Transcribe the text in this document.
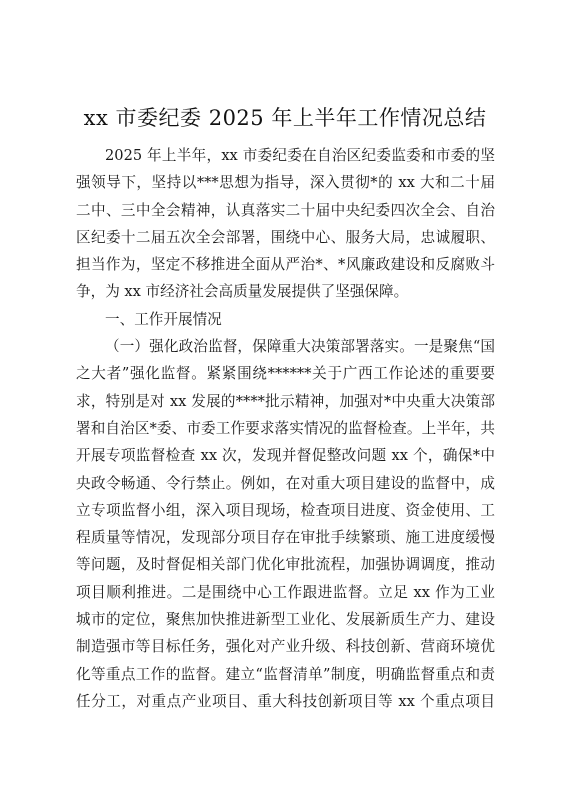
xx 市委纪委 2025 年上半年工作情况总结
2025 年上半年，xx 市委纪委在自治区纪委监委和市委的坚
强领导下，坚持以***思想为指导，深入贯彻*的 xx 大和二十届
二中、三中全会精神，认真落实二十届中央纪委四次全会、自治
区纪委十二届五次全会部署，围绕中心、服务大局，忠诚履职、
担当作为，坚定不移推进全面从严治*、*风廉政建设和反腐败斗
争，为 xx 市经济社会高质量发展提供了坚强保障。
一、工作开展情况
（一）强化政治监督，保障重大决策部署落实。一是聚焦“国
之大者”强化监督。紧紧围绕******关于广西工作论述的重要要
求，特别是对 xx 发展的****批示精神，加强对*中央重大决策部
署和自治区*委、市委工作要求落实情况的监督检查。上半年，共
开展专项监督检查 xx 次，发现并督促整改问题 xx 个，确保*中
央政令畅通、令行禁止。例如，在对重大项目建设的监督中，成
立专项监督小组，深入项目现场，检查项目进度、资金使用、工
程质量等情况，发现部分项目存在审批手续繁琐、施工进度缓慢
等问题，及时督促相关部门优化审批流程，加强协调调度，推动
项目顺利推进。二是围绕中心工作跟进监督。立足 xx 作为工业
城市的定位，聚焦加快推进新型工业化、发展新质生产力、建设
制造强市等目标任务，强化对产业升级、科技创新、营商环境优
化等重点工作的监督。建立“监督清单”制度，明确监督重点和责
任分工，对重点产业项目、重大科技创新项目等 xx 个重点项目
